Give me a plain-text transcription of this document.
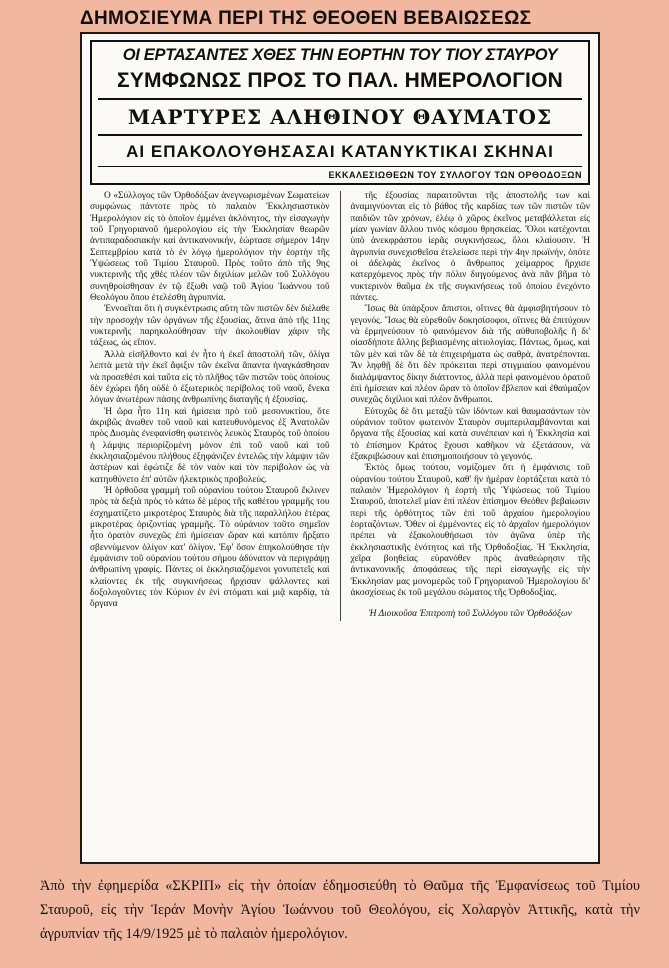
ΔΗΜΟΣΙΕΥΜΑ ΠΕΡΙ ΤΗΣ ΘΕΟΘΕΝ ΒΕΒΑΙΩΣΕΩΣ
ΟΙ ΕΡΤΑΣΑΝΤΕΣ ΧΘΕΣ ΤΗΝ ΕΟΡΤΗΝ ΤΟΥ ΤΙΟΥ ΣΤΑΥΡΟΥ
ΣΥΜΦΩΝΩΣ ΠΡΟΣ ΤΟ ΠΑΛ. ΗΜΕΡΟΛΟΓΙΟΝ
ΜΑΡΤΥΡΕΣ ΑΛΗΘΙΝΟΥ ΘΑΥΜΑΤΟΣ
ΑΙ ΕΠΑΚΟΛΟΥΘΗΣΑΣΑΙ ΚΑΤΑΝΥΚΤΙΚΑΙ ΣΚΗΝΑΙ
ΕΚΚΑΛΕΣΙΩΘΕΩΝ ΤΟΥ ΣΥΛΛΟΓΟΥ ΤΩΝ ΟΡΘΟΔΟΞΩΝ

Ο «Σύλλογος τῶν Ὀρθοδόξων ἀνεγνωρισμένων Σωματείων συμφώνως πάντοτε πρὸς τὸ παλαιὸν Ἐκκλησιαστικὸν Ἡμερολόγιον εἰς τὸ ὁποῖον ἐμμένει ἀκλόνητος, τὴν εἰσαγωγὴν τοῦ Γρηγοριανοῦ ἡμερολογίου εἰς τὴν Ἐκκλησίαν θεωρῶν ἀντιπαραδοσιακὴν καὶ ἀντικανονικήν, ἑώρτασε σήμερον 14ην Σεπτεμβρίου κατὰ τὸ ἐν λόγῳ ἡμερολόγιον τὴν ἑορτὴν τῆς Ὑψώσεως τοῦ Τιμίου Σταυροῦ. Πρὸς τοῦτο ἀπὸ τῆς 9ης νυκτερινῆς τῆς χθὲς πλέον τῶν διχιλίων μελῶν τοῦ Συλλόγου συνηθροίσθησαν ἐν τῷ ἔξωθι ναῷ τοῦ Ἁγίου Ἰωάννου τοῦ Θεολόγου ὅπου ἐτελέσθη ἀγρυπνία.

Ἐννοεῖται ὅτι ἡ συγκέντρωσις αὕτη τῶν πιστῶν δὲν διέλαθε τὴν προσοχὴν τῶν ὀργάνων τῆς ἐξουσίας, ἅτινα ἀπὸ τῆς 11ης νυκτερινῆς παρηκολούθησαν τὴν ἀκολουθίαν χάριν τῆς τάξεως, ὡς εἴπον.

Ἀλλὰ εἰσῆλθοντο καὶ ἐν ἧτο ἡ ἐκεῖ ἀποστολὴ τῶν, ὀλίγα λεπτὰ μετὰ τὴν ἐκεῖ ἄφιξιν τῶν ἐκεῖνα ἅπαντα ἠναγκάσθησαν νὰ προσεθέσι καὶ ταῦτα εἰς τὸ πλῆθος τῶν πιστῶν τοὺς ὁποίους δὲν ἐχώρει ἤδη οὐδὲ ὁ ἐξωτερικὸς περίβολος τοῦ ναοῦ, ἕνεκα λόγων ἀνωτέρων πάσης ἀνθρωπίνης διαταγῆς ἡ ἐξουσίας.

Ἡ ὥρα ἦτο 11η καὶ ἡμίσεια πρὸ τοῦ μεσονυκτίου, ὅτε ἀκριβῶς ἀνωθεν τοῦ ναοῦ καὶ κατευθυνόμενος ἐξ Ἀνατολῶν πρὸς Δυσμὰς ἐνεφανίσθη φωτεινὸς λευκὸς Σταυρὸς τοῦ ὁποίου ἡ λάμψις περιορίζομένη μόνον ἐπὶ τοῦ ναοῦ καὶ τοῦ ἐκκλησιαζομένου πλήθους ἐξηφάνιζεν ἐντελῶς τὴν λάμψιν τῶν ἀστέρων καὶ ἐφώτιζε δὲ τὸν ναὸν καὶ τὸν περίβολον ὡς νὰ κατηυθύνετο ἐπ' αὐτῶν ἠλεκτρικὸς προβολεύς.

Ἡ ὀρθοῦσα γραμμὴ τοῦ οὐρανίου τούτου Σταυροῦ ἔκλινεν πρὸς τὰ δεξιὰ πρὸς τὸ κάτω δὲ μέρος τῆς καθέτου γραμμῆς του ἐσχηματίζετο μικροτέρος Σταυρὸς διὰ τῆς παραλλήλου ἑτέρας μικροτέρας ὁριζοντίας γραμμῆς. Τὸ οὐράνιον τοῦτο σημεῖον ἦτο ὁρατὸν συνεχῶς ἐπὶ ἡμίσειαν ὥραν καὶ κατόπιν ἤρξατο σβεννύμενον ὀλίγον κατ' ὀλίγον. Ἐφ' ὅσον ἐπηκολούθησε τὴν ἐμφάνισιν τοῦ οὐρανίου τούτου σήμου ἀδύνατον νὰ περιγράψῃ ἀνθρωπίνη γραφίς. Πάντες οἱ ἐκκλησιαζόμενοι γονυπετεῖς καὶ κλαίοντες ἐκ τῆς συγκινήσεως ἤρχισαν ψάλλοντες καὶ δοξολογοῦντες τὸν Κύριον ἐν ἑνὶ στόματι καὶ μιᾷ καρδίᾳ, τὰ ὄργανα

τῆς ἐξουσίας παραιτοῦνται τῆς ἀποστολῆς των καὶ ἀναμιγνύονται εἰς τὸ βάθος τῆς καρδίας των τῶν πιστῶν τῶν παιδιῶν τῶν χρόνων, ἐλέῳ ὁ χῶρος ἐκεῖνος μεταβάλλεται εἰς μίαν γωνίαν ἄλλου τινὸς κόσμου θρησκείας. Ὅλοι κατέχονται ὑπὸ ἀνεκφράστου ἱερᾶς συγκινήσεως, ὅλοι κλαίουσιν. Ἡ ἀγρυπνία συνεχισθεῖσα ἐτελείωσε περὶ τὴν 4ην πρωϊνήν, ὁπότε οἱ ἀδελφὰς ἐκεῖνος ὁ ἄνθρωπος χείμαρρος ἤρχισε κατερχόμενος πρὸς τὴν πόλιν διηγούμενος ἀνὰ πᾶν βῆμα τὸ νυκτερινὸν θαῦμα ἐκ τῆς συγκινήσεως τοῦ ὁποίου ἐνεχόντο πάντες.

Ἴσως θὰ ὑπάρξουν ἄπιστοι, οἵτινες θὰ ἀμφισβητήσουν τὸ γεγονός. Ἴσως θὰ εὑρεθοῦν δοκησίσοφοι, οἵτινες θὰ ἐπιτύχουν νὰ ἑρμηνεύσουν τὸ φαινόμενον διὰ τῆς αὐθυποβολῆς ἢ δι' οἱασδήποτε ἄλλης βεβιασμένης αἰτιολογίας. Πάντως, ὅμως, καὶ τῶν μὲν καὶ τῶν δὲ τὰ ἐπιχειρήματα ὡς σαθρὰ, ἀνατρέπονται. Ἂν ληφθῇ δὲ ὅτι δὲν πρόκειται περὶ στιγμιαίου φαινομένου διαλάμψαντος δίκην διάττοντος, ἀλλὰ περὶ φαινομένου ὁρατοῦ ἐπὶ ἡμίσειαν καὶ πλέον ὥραν τὸ ὁποῖον ἔβλεπον καὶ ἐθαύμαζον συνεχῶς διχίλιοι καὶ πλέον ἄνθρωποι.

Εὐτυχῶς δὲ ὅτι μεταξὺ τῶν ἰδόντων καὶ θαυμασάντων τὸν οὐράνιον τοῦτον φωτεινὸν Σταυρὸν συμπεριλαμβάνονται καὶ ὄργανα τῆς ἐξουσίας καὶ κατὰ συνέπειαν καὶ ἡ Ἐκκλησία καὶ τὸ ἐπίσημον Κράτος ἔχουσι καθῆκον νὰ ἐξετάσουν, νὰ ἐξακριβώσουν καὶ ἐπισημοποιήσουν τὸ γεγονός.

Ἐκτὸς ὅμως τούτου, νομίζομεν ὅτι ἡ ἐμφάνισις τοῦ οὐρανίου τούτου Σταυροῦ, καθ' ἣν ἡμέραν ἑορτάζεται κατὰ τὸ παλαιὸν Ἡμερολόγιον ἡ ἑορτὴ τῆς Ὑψώσεως τοῦ Τιμίου Σταυροῦ, ἀποτελεῖ μίαν ἐπὶ πλέον ἐπίσημον Θεόθεν βεβαίωσιν περὶ τῆς ὀρθότητος τῶν ἐπὶ τοῦ ἀρχαίου ἡμερολογίου ἑορταζόντων. Ὅθεν οἱ ἐμμένοντες εἰς τὸ ἀρχαῖον ἡμερολόγιον πρέπει νὰ ἐξακολουθήσωσι τὸν ἀγῶνα ὑπὲρ τῆς ἐκκλησιαστικῆς ἑνότητος καὶ τῆς Ὀρθοδοξίας. Ἡ Ἐκκλησία, χεῖρα βοηθείας εὑρανόθεν πρὸς ἀναθεώρησιν τῆς ἀντικανονικῆς ἀποφάσεως τῆς περὶ εἰσαγωγῆς εἰς τὴν Ἐκκλησίαν μας μονομερῶς τοῦ Γρηγοριανοῦ Ἡμερολογίου δι' ἀκοσχίσεως ἐκ τοῦ μεγάλου σώματος τῆς Ὀρθοδοξίας.

Ἡ Διοικοῦσα Ἐπιτροπὴ τοῦ Συλλόγου τῶν Ὀρθοδόξων
Ἀπὸ τὴν ἐφημερίδα «ΣΚΡΙΠ» εἰς τὴν ὁποίαν ἐδημοσιεύθη τὸ Θαῦμα τῆς Ἐμφανίσεως τοῦ Τιμίου Σταυροῦ, εἰς τὴν Ἱεράν Μονὴν Ἁγίου Ἰωάννου τοῦ Θεολόγου, εἰς Χολαργὸν Ἀττικῆς, κατὰ τὴν ἀγρυπνίαν τῆς 14/9/1925 μὲ τὸ παλαιὸν ἡμερολόγιον.
